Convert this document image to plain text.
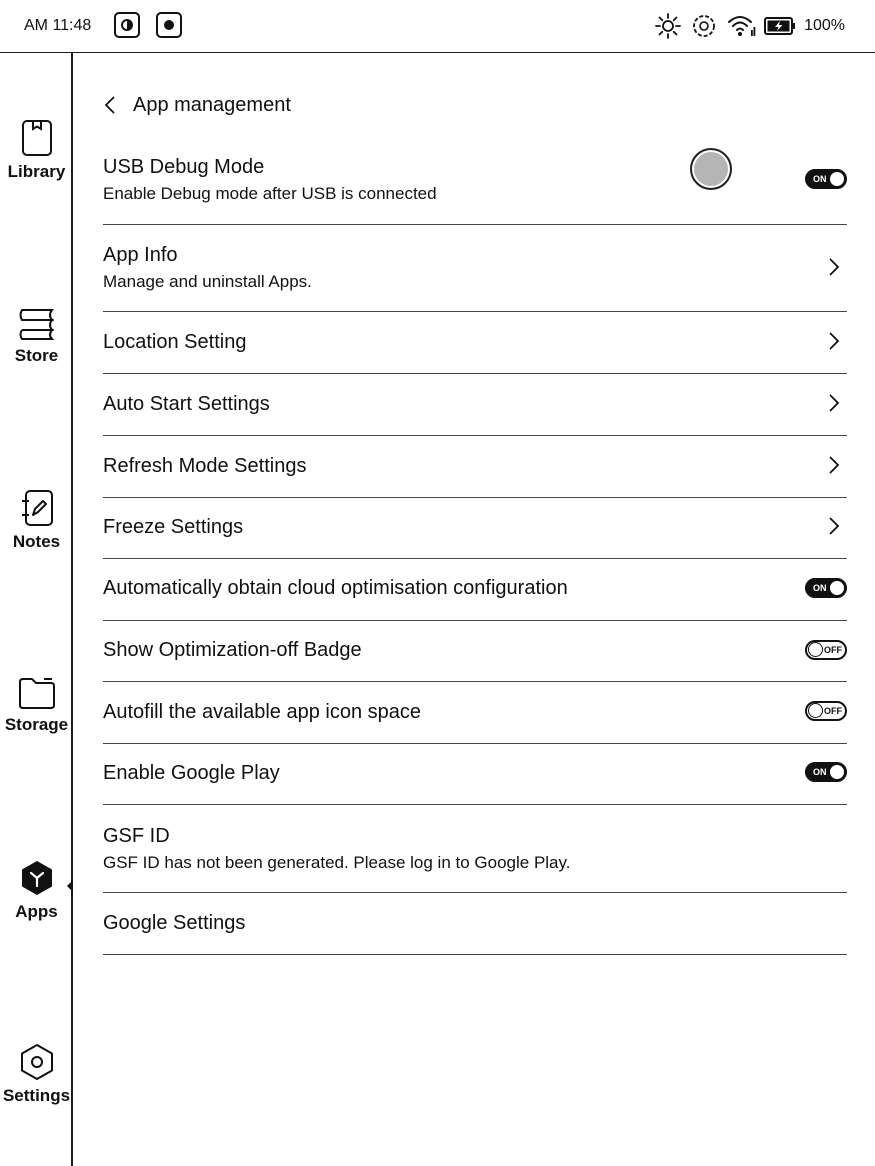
AM 11:48	100%
Library
Store
Notes
Storage
Apps
Settings
App management
USB Debug Mode
Enable Debug mode after USB is connected
ON
App Info
Manage and uninstall Apps.
Location Setting
Auto Start Settings
Refresh Mode Settings
Freeze Settings
Automatically obtain cloud optimisation configuration	ON
Show Optimization-off Badge	OFF
Autofill the available app icon space	OFF
Enable Google Play	ON
GSF ID
GSF ID has not been generated. Please log in to Google Play.
Google Settings
